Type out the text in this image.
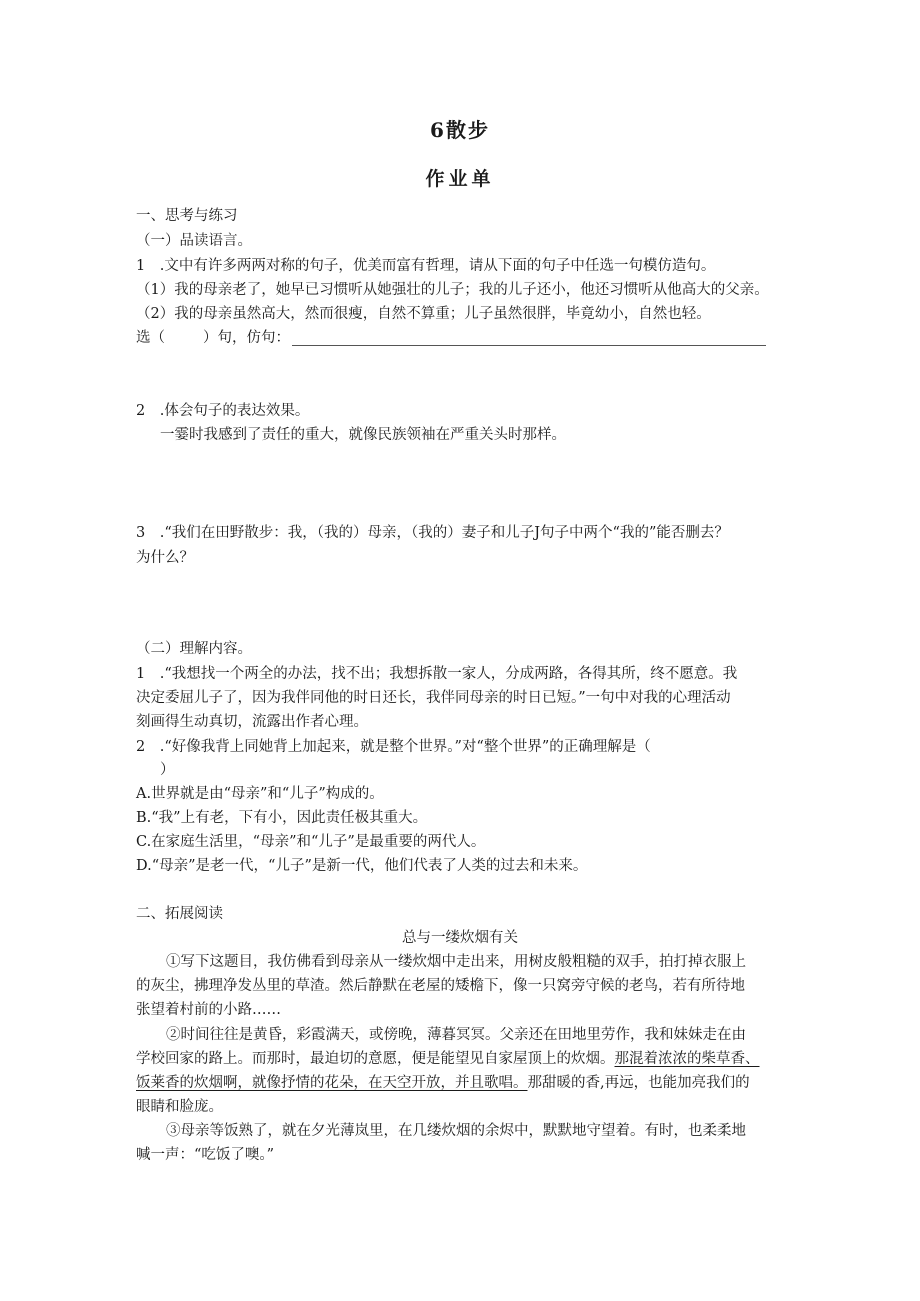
6散步
作业单
一、思考与练习
（一）品读语言。
1　.文中有许多两两对称的句子，优美而富有哲理，请从下面的句子中任选一句模仿造句。
（1）我的母亲老了，她早已习惯听从她强壮的儿子；我的儿子还小，他还习惯听从他高大的父亲。
（2）我的母亲虽然高大，然而很瘦，自然不算重；儿子虽然很胖，毕竟幼小，自然也轻。
选（	）句，仿句：
2　.体会句子的表达效果。
一霎时我感到了责任的重大，就像民族领袖在严重关头时那样。
3　.“我们在田野散步：我，（我的）母亲，（我的）妻子和儿子J句子中两个“我的”能否删去？
为什么？
（二）理解内容。
1　.“我想找一个两全的办法，找不出；我想拆散一家人，分成两路，各得其所，终不愿意。我
决定委屈儿子了，因为我伴同他的时日还长，我伴同母亲的时日已短。”一句中对我的心理活动
刻画得生动真切，流露出作者心理。
2　.“好像我背上同她背上加起来，就是整个世界。”对“整个世界”的正确理解是（
）
A.世界就是由“母亲”和“儿子”构成的。
B.“我”上有老，下有小，因此责任极其重大。
C.在家庭生活里，“母亲”和“儿子”是最重要的两代人。
D.“母亲”是老一代，“儿子”是新一代，他们代表了人类的过去和未来。
二、拓展阅读
总与一缕炊烟有关
①写下这题目，我仿佛看到母亲从一缕炊烟中走出来，用树皮般粗糙的双手，拍打掉衣服上
的灰尘，拂理净发丛里的草渣。然后静默在老屋的矮檐下，像一只窝旁守候的老鸟，若有所待地
张望着村前的小路……
②时间往往是黄昏，彩霞满天，或傍晚，薄暮冥冥。父亲还在田地里劳作，我和妹妹走在由
学校回家的路上。而那时，最迫切的意愿，便是能望见自家屋顶上的炊烟。那混着浓浓的柴草香、
饭莱香的炊烟啊，就像抒情的花朵，在天空开放，并且歌唱。那甜暖的香,再远，也能加亮我们的
眼睛和脸庞。
③母亲等饭熟了，就在夕光薄岚里，在几缕炊烟的余烬中，默默地守望着。有时，也柔柔地
喊一声：“吃饭了噢。”
